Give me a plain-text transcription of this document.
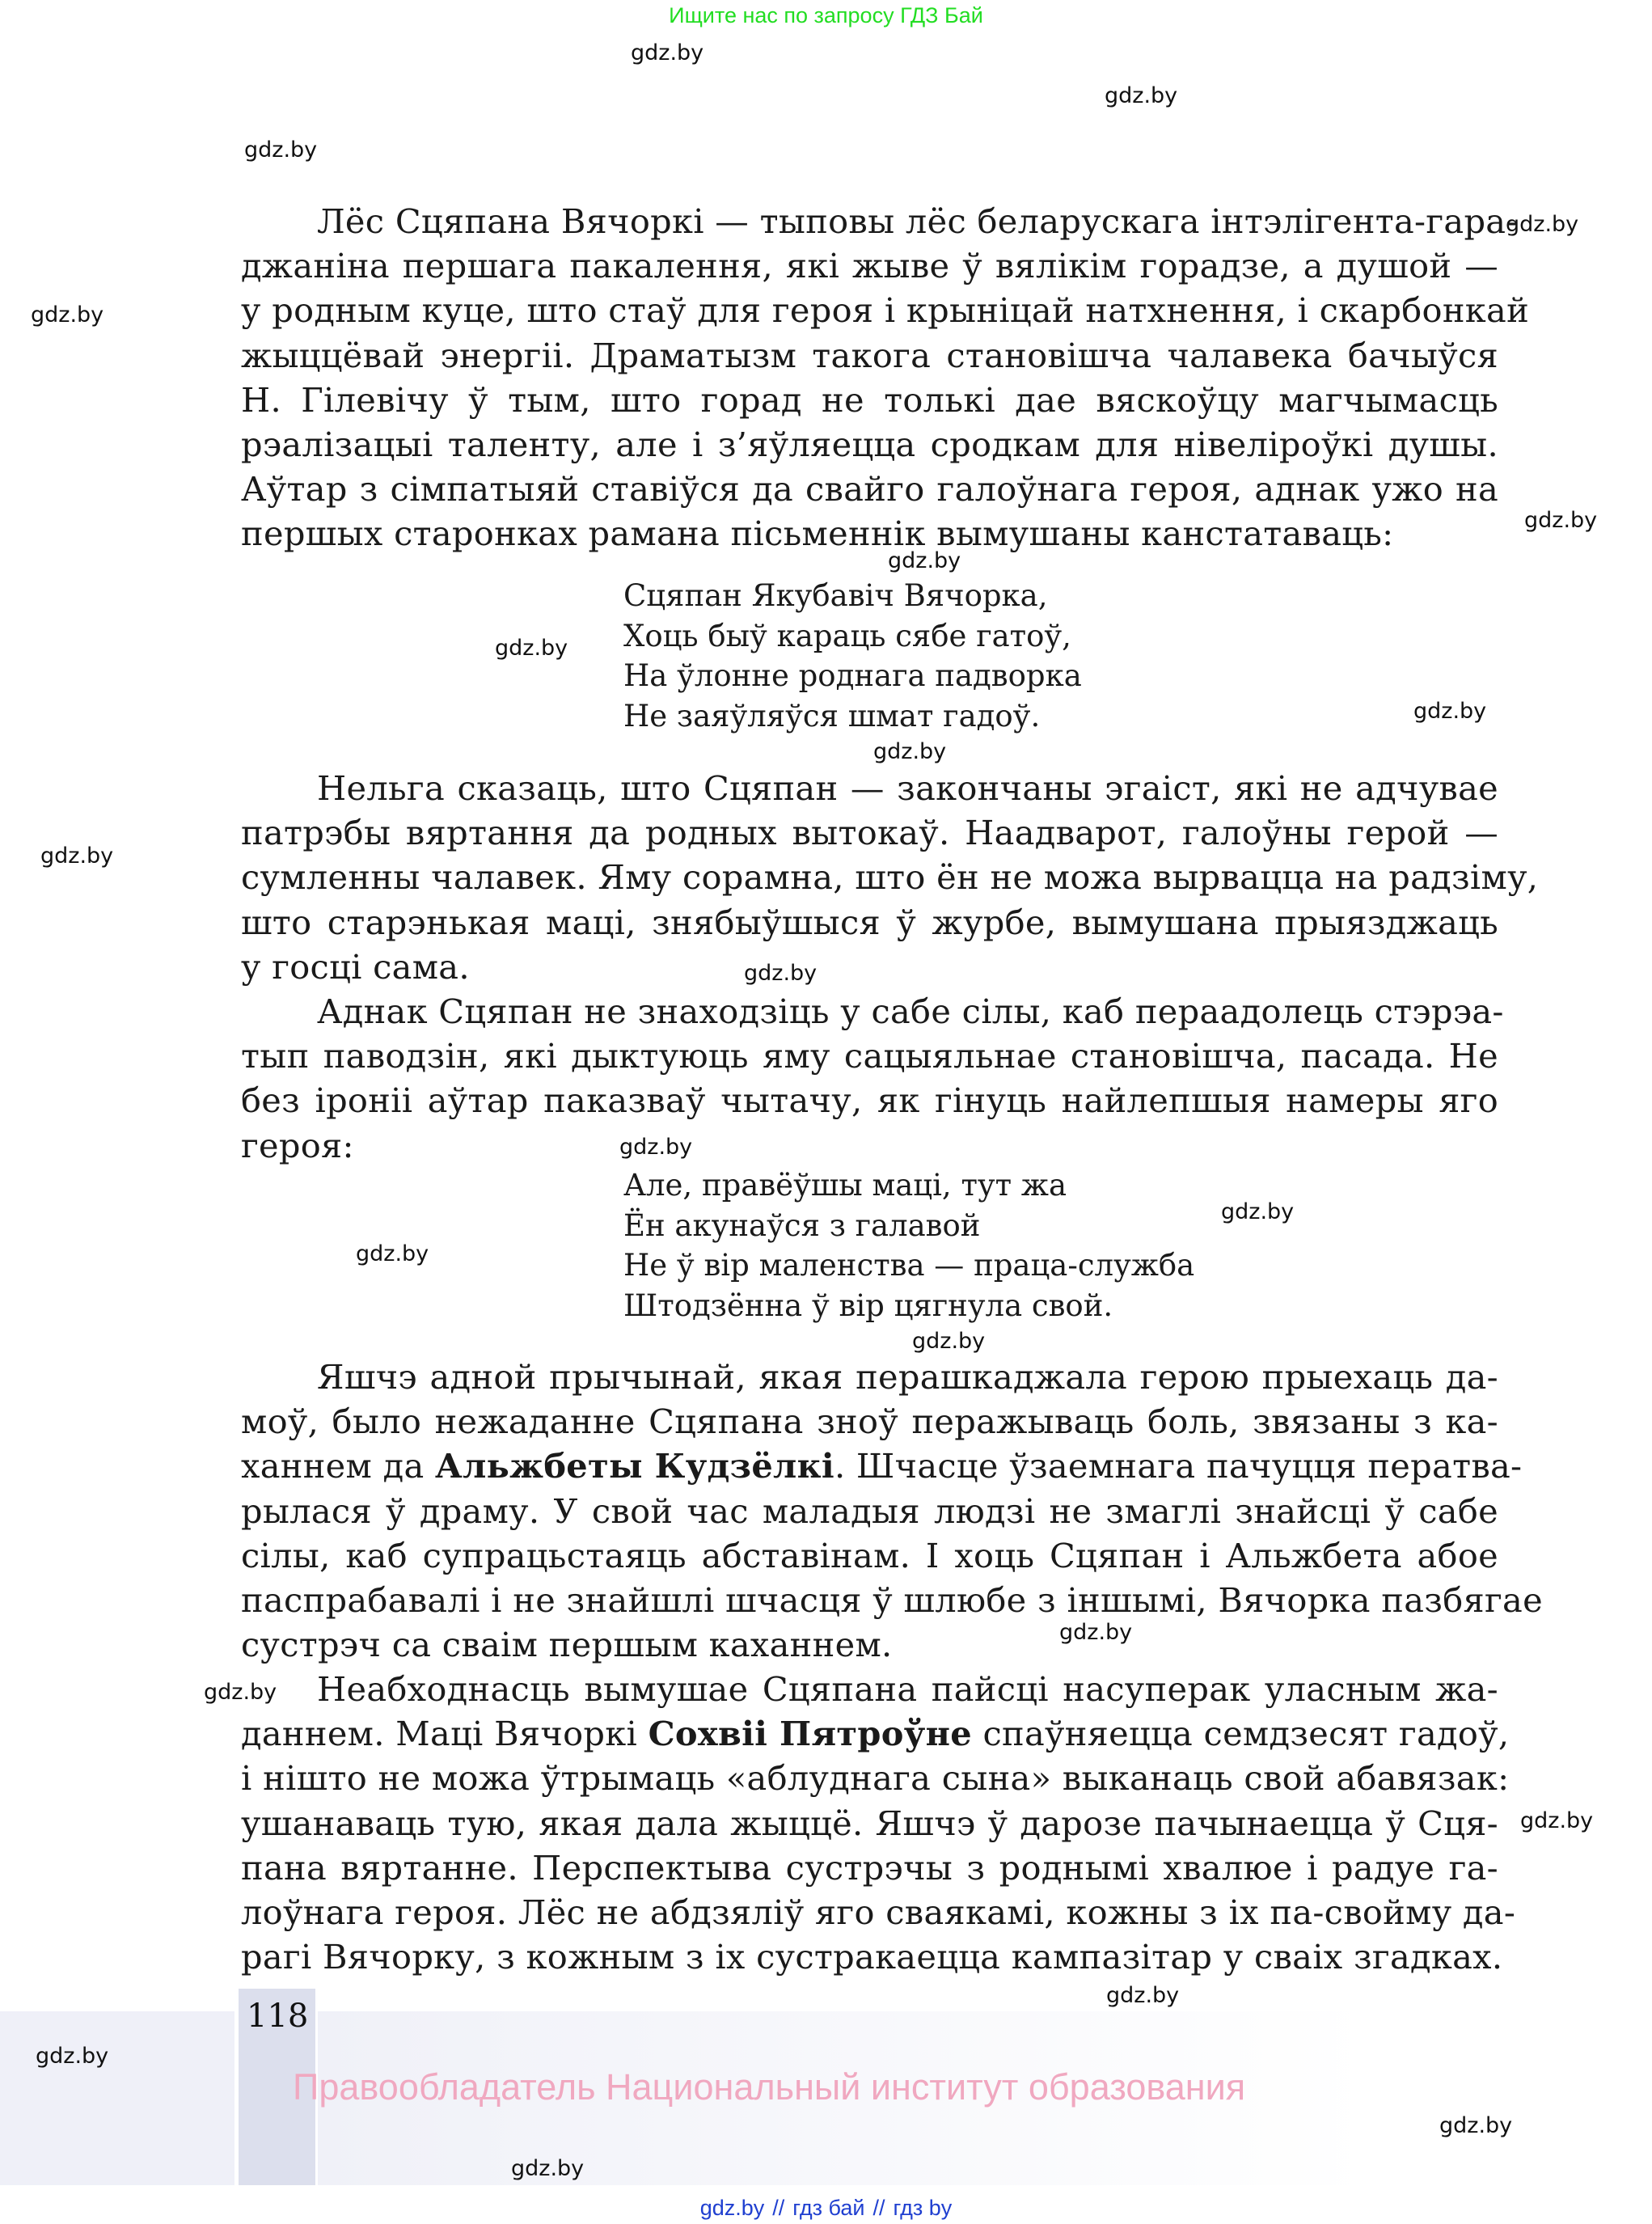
Ищите нас по запросу ГДЗ Бай
gdz.by
gdz.by
gdz.by
gdz.by
gdz.by
gdz.by
gdz.by
gdz.by
gdz.by
gdz.by
gdz.by
gdz.by
gdz.by
gdz.by
gdz.by
gdz.by
gdz.by
gdz.by
gdz.by
gdz.by

Лёс Сцяпана Вячоркі — тыповы лёс беларускага інтэлігента-гара-
джаніна першага пакалення, які жыве ў вялікім горадзе, а душой —
у родным куце, што стаў для героя і крыніцай натхнення, і скарбонкай
жыццёвай энергіі. Драматызм такога становішча чалавека бачыўся
Н. Гілевічу ў тым, што горад не толькі дае вяскоўцу магчымасць
рэалізацыі таленту, але і з’яўляецца сродкам для нівеліроўкі душы.
Аўтар з сімпатыяй ставіўся да свайго галоўнага героя, аднак ужо на
першых старонках рамана пісьменнік вымушаны канстатаваць:

Сцяпан Якубавіч Вячорка,
Хоць быў караць сябе гатоў,
На ўлонне роднага падворка
Не заяўляўся шмат гадоў.

Нельга сказаць, што Сцяпан — закончаны эгаіст, які не адчувае
патрэбы вяртання да родных вытокаў. Наадварот, галоўны герой —
сумленны чалавек. Яму сорамна, што ён не можа вырвацца на радзіму,
што старэнькая маці, знябыўшыся ў журбе, вымушана прыязджаць
у госці сама.

Аднак Сцяпан не знаходзіць у сабе сілы, каб пераадолець стэрэа-
тып паводзін, які дыктуюць яму сацыяльнае становішча, пасада. Не
без іроніі аўтар паказваў чытачу, як гінуць найлепшыя намеры яго
героя:

Але, правёўшы маці, тут жа
Ён акунаўся з галавой
Не ў вір маленства — праца-служба
Штодзённа ў вір цягнула свой.

Яшчэ адной прычынай, якая перашкаджала герою прыехаць да-
моў, было нежаданне Сцяпана зноў перажываць боль, звязаны з ка-
ханнем да Альжбеты Кудзёлкі. Шчасце ўзаемнага пачуцця ператва-
рылася ў драму. У свой час маладыя людзі не змаглі знайсці ў сабе
сілы, каб супрацьстаяць абставінам. І хоць Сцяпан і Альжбета абое
паспрабавалі і не знайшлі шчасця ў шлюбе з іншымі, Вячорка пазбягае
сустрэч са сваім першым каханнем.

Неабходнасць вымушае Сцяпана пайсці насуперак уласным жа-
даннем. Маці Вячоркі Сохвіі Пятроўне спаўняецца семдзесят гадоў,
і нішто не можа ўтрымаць «аблуднага сына» выканаць свой абавязак:
ушанаваць тую, якая дала жыццё. Яшчэ ў дарозе пачынаецца ў Сця-
пана вяртанне. Перспектыва сустрэчы з роднымі хвалюе і радуе га-
лоўнага героя. Лёс не абдзяліў яго сваякамі, кожны з іх па-свойму да-
рагі Вячорку, з кожным з іх сустракаецца кампазітар у сваіх згадках.

118
gdz.by
Правообладатель Национальный институт образования
gdz.by
gdz.by
gdz.by // гдз бай // гдз by
